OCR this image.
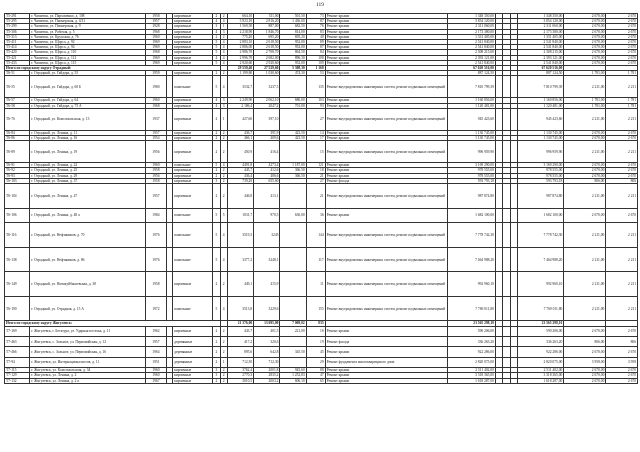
119
Т5-291	г. Чапаевск, ул. Пархоменко, д. 108	1958		кирпичные	2	2	664,10	511,00	501,50	73	Ремонт крыши	1 348 350,00				1 348 350,00	2 670,00	2 670
Т5-295	г. Чапаевск, ул. Пионерская, д. 4/31	1957		кирпичные	4	4	3 923,10	2 816,20	1 436,00	87	Ремонт крыши	3 854 120,00				3 854 120,00	2 670,00	2 670
Т5-299	г. Чапаевск, ул. Пионерская, д. 9	1928		кирпичные	3	1	1 569,50	887,00	682,50	76	Ремонт крыши	2 311 060,00				2 311 060,00	2 670,00	2 670
Т5-306	г. Чапаевск, ул. Рабочая, д. 5	1968		кирпичные	4	3	2 218,90	1 846,70	814,00	83	Ремонт крыши	2 173 380,00				2 173 380,00	2 670,00	2 670
Т5-313	г. Чапаевск, ул. Крупская, д. 76	1960		кирпичные	2	2	775,20	695,20	695,20	40	Ремонт крыши	1 331 405,00				1 331 405,00	2 670,00	2 670
Т5-411	г. Чапаевск, ул. Щорса, д. 92	1969		кирпичные	5	4	2 883,10	2 618,50	952,00	89	Ремонт крыши	2 541 840,00				2 541 840,00	2 670,00	2 670
Т5-414	г. Чапаевск, ул. Щорса, д. 94	1969		кирпичные	5	4	2 886,00	2 618,50	952,00	87	Ремонт крыши	2 541 840,00				2 541 840,00	2 670,00	2 670
Т5-420	г. Чапаевск, ул. Щорса, д. 110	1968		кирпичные	5	4	2 986,70	2 708,70	864,50	84	Ремонт крыши	2 308 215,00				2 308 215,00	2 670,00	2 670
Т5-421	г. Чапаевск, ул. Щорса, д. 112	1969		кирпичные	4	4	2 996,70	2 682,00	896,30	108	Ремонт крыши	2 393 121,00				2 393 121,00	2 670,00	2 670
Т5-433	г. Чапаевск, ул. Щорса, д. 115	1969		кирпичные	5	4	2 920,60	2 920,60	952,00	109	Ремонт крыши	2 541 840,00				2 541 840,00	2 670,00	2 670
Итого по городскому округу Отрадный:							29 559,40	27 529,60	5 308,30	1 168		67 620 516,00				67 620 516,00		
Т6-51	г. Отрадный, ул. Гайдара, д. 55	1959		кирпичные	2	2	1 199,80	1 030,60	474,30	53	Ремонт крыши	887 124,50				887 124,50	1 781,00	1 781
Т6-55	г. Отрадный, ул. Гайдара, д. 60 Б	1980		панельные	5	4	3532,7	3237,5		135	Ремонт внутридомовых инженерных систем, ремонт подвальных помещений	7 810 799,39				7 810 799,39	2 211,00	2 211
Т6-57	г. Отрадный, ул. Гайдара, д. 64	1960		кирпичные	4	3	2 249,90	2 062,10	686,00	103	Ремонт крыши	1 160 856,00				1 160 856,00	1 781,00	1 781
Т6-58	г. Отрадный, ул. Гайдара, д. 75 А	1968		кирпичные	4	3	2 186,4	2047,2	701,00	93	Ремонт крыши	1 120 481,00				1 120 481,00	1 781,00	1 781
Т6-76	г. Отрадный, ул. Комсомольская, д. 13	1937		кирпичные	2	1	427,60	397,10		27	Ремонт внутридомовых инженерных систем, ремонт подвальных помещений	945 423,60				945 423,60	2 211,00	2 211
Т6-84	г. Отрадный, ул. Ленина, д. 11	1957		кирпичные	2	2	436,7	391,9	423,50	14	Ремонт крыши	1 130 745,00				1 130 745,00	2 670,00	2 670
Т6-86	г. Отрадный, ул. Ленина, д. 16	1954		кирпичные	2	2	466,1	409,6	423,50	17	Ремонт крыши	1 130 745,00				1 130 745,00	2 670,00	2 670
Т6-89	г. Отрадный, ул. Ленина, д. 19	1956		кирпичные	2	2	450,9	416,4		15	Ремонт внутридомовых инженерных систем, ремонт подвальных помещений	996 959,90				996 959,90	2 211,00	2 211
Т6-91	г. Отрадный, ул. Ленина, д. 22	1960		панельные	5	4	4491,8	4273,4	1 187,00	121	Ремонт крыши	3 169 290,00				3 169 290,00	2 670,00	2 670
Т6-92	г. Отрадный, ул. Ленина, д. 25	1958		кирпичные	2	2	445,7	412,6	366,50	18	Ремонт крыши	978 555,00				978 555,00	2 670,00	2 670
Т6-93	г. Отрадный, ул. Ленина, д. 29	1956		кирпичные	2	2	436,4	406,6	366,50	21	Ремонт крыши	978 555,00				978 555,00	2 670,00	2 670
Т6-103	г. Отрадный, ул. Ленина, д. 37	1958		кирпичные	3	2	739,20	655,60		27	Ремонт фасада	593 793,18				593 793,18	806,00	806
Т6-104	г. Отрадный, ул. Ленина, д. 47	1957		кирпичные	2	2	446,8	413,1		21	Ремонт внутридомовых инженерных систем, ремонт подвальных помещений	987 874,80				987 874,80	2 211,00	2 211
Т6-106	г. Отрадный, ул. Ленина, д. 48 а	1984		панельные	5	5	1031,7	970,5	630,00	36	Ремонт крыши	1 682 100,00				1 682 100,00	2 670,00	2 670
Т6-116	г. Отрадный, ул. Нефтяников, д. 70	1976		панельные	5	4	3519,3	3245		144	Ремонт внутридомовых инженерных систем, ремонт подвальных помещений	7 778 742,30				7 778 742,30	2 211,00	2 211
Т6-138	г. Отрадный, ул. Нефтяников, д. 86	1976		панельные	5	4	3377,2	3248,1		117	Ремонт внутридомовых инженерных систем, ремонт подвальных помещений	7 464 988,20				7 464 988,20	2 211,00	2 211
Т6-149	г. Отрадный, ул. Новокуйбышевская, д. 38	1958		кирпичные	2	2	449,1	415,9		11	Ремонт внутридомовых инженерных систем, ремонт подвальных помещений	992 960,10				992 960,10	2 211,00	2 211
Т6-190	г. Отрадный, ул. Отрадная, д. 15 А	1972		панельные	5	4	3513,8	3229,6		155	Ремонт внутридомовых инженерных систем, ремонт подвальных помещений	7 769 011,80				7 769 011,80	2 211,00	2 211
Итого по городскому округу Жигулевск:							21 376,00	13 695,00	7 069,02	835		23 565 298,10				23 565 298,10		
Т7-169	г. Жигулевск, г. Бетатура, ул. Ударная поселка, д. 11	1962		кирпичные	2	2	443,7	401,5	221,00	16	Ремонт крыши	590 206,00				590 206,00	2 670,00	2 670
Т7-463	г. Жигулевск, с. Зольное, ул. Первомайская, д. 12	1957		деревянные	2	2	417,2	320,6		19	Ремонт фасада	336 263,20				336 263,20	806,00	806
Т7-466	г. Жигулевск, с. Зольное, ул. Первомайская, д. 16	1964		деревянные	2	2	895,6	642,8	345,50	45	Ремонт крыши	922 286,00				922 286,00	2 670,00	2 670
Т7-94	г. Жигулевск, ул. Интернационалистов, д. 11	1951		деревянные	2	1	712,30	712,30		29	Ремонт фундамента многоквартирного дома	2 820 075,00				2 820 075,00	3 958,00	3 958
Т7-115	г. Жигулевск, ул. Комсомольская, д. 34	1960		кирпичные	3	2	3762,4	2001,8	945,60	88	Ремонт крыши	2 511 402,00				2 511 402,00	2 670,00	2 670
Т7-129	г. Жигулевск, ул. Ленина, д. 2	1960		кирпичные	3	2	2770,3	2835,2	1 252,83	47	Ремонт крыши	3 318 365,00				3 318 365,00	2 670,00	2 670
Т7-132	г. Жигулевск, ул. Ленина, д. 2 а	1967		кирпичные	2	2	3010,5	2003,2	606,10	65	Ремонт крыши	1 618 287,00				1 618 287,00	2 670,00	2 670
